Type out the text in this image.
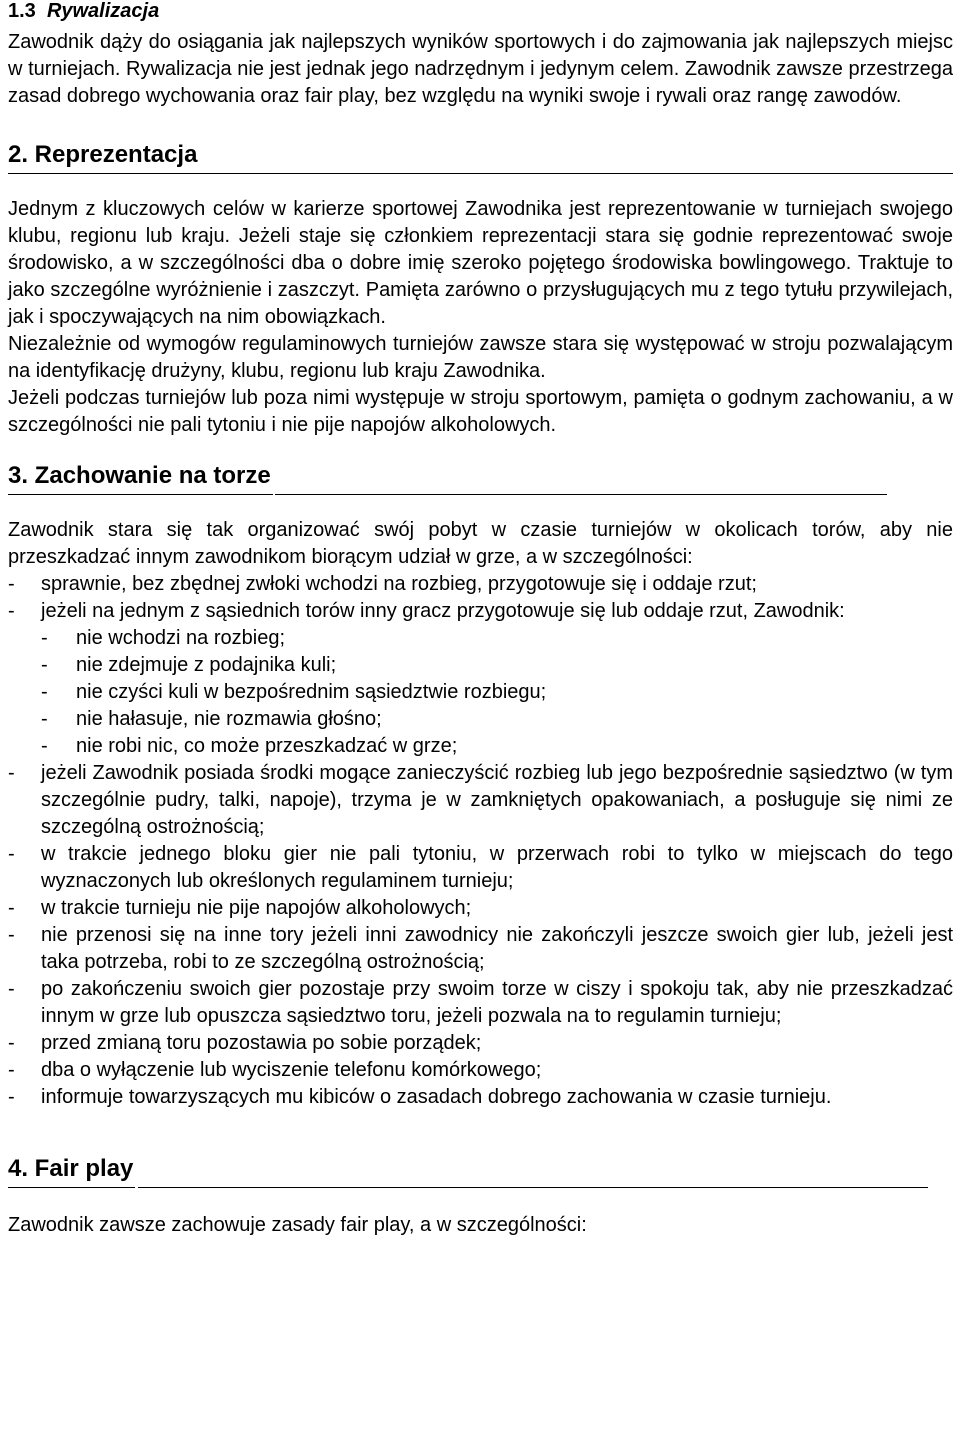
1.3 Rywalizacja

Zawodnik dąży do osiągania jak najlepszych wyników sportowych i do zajmowania jak najlepszych miejsc w turniejach. Rywalizacja nie jest jednak jego nadrzędnym i jedynym celem. Zawodnik zawsze przestrzega zasad dobrego wychowania oraz fair play, bez względu na wyniki swoje i rywali oraz rangę zawodów.

2. Reprezentacja

Jednym z kluczowych celów w karierze sportowej Zawodnika jest reprezentowanie w turniejach swojego klubu, regionu lub kraju. Jeżeli staje się członkiem reprezentacji stara się godnie reprezentować swoje środowisko, a w szczególności dba o dobre imię szeroko pojętego środowiska bowlingowego. Traktuje to jako szczególne wyróżnienie i zaszczyt. Pamięta zarówno o przysługujących mu z tego tytułu przywilejach, jak i spoczywających na nim obowiązkach.

Niezależnie od wymogów regulaminowych turniejów zawsze stara się występować w stroju pozwalającym na identyfikację drużyny, klubu, regionu lub kraju Zawodnika.

Jeżeli podczas turniejów lub poza nimi występuje w stroju sportowym, pamięta o godnym zachowaniu, a w szczególności nie pali tytoniu i nie pije napojów alkoholowych.

3. Zachowanie na torze

Zawodnik stara się tak organizować swój pobyt w czasie turniejów w okolicach torów, aby nie przeszkadzać innym zawodnikom biorącym udział w grze, a w szczególności:

- sprawnie, bez zbędnej zwłoki wchodzi na rozbieg, przygotowuje się i oddaje rzut;
- jeżeli na jednym z sąsiednich torów inny gracz przygotowuje się lub oddaje rzut, Zawodnik:
- nie wchodzi na rozbieg;
- nie zdejmuje z podajnika kuli;
- nie czyści kuli w bezpośrednim sąsiedztwie rozbiegu;
- nie hałasuje, nie rozmawia głośno;
- nie robi nic, co może przeszkadzać w grze;
- jeżeli Zawodnik posiada środki mogące zanieczyścić rozbieg lub jego bezpośrednie sąsiedztwo (w tym szczególnie pudry, talki, napoje), trzyma je w zamkniętych opakowaniach, a posługuje się nimi ze szczególną ostrożnością;
- w trakcie jednego bloku gier nie pali tytoniu, w przerwach robi to tylko w miejscach do tego wyznaczonych lub określonych regulaminem turnieju;
- w trakcie turnieju nie pije napojów alkoholowych;
- nie przenosi się na inne tory jeżeli inni zawodnicy nie zakończyli jeszcze swoich gier lub, jeżeli jest taka potrzeba, robi to ze szczególną ostrożnością;
- po zakończeniu swoich gier pozostaje przy swoim torze w ciszy i spokoju tak, aby nie przeszkadzać innym w grze lub opuszcza sąsiedztwo toru, jeżeli pozwala na to regulamin turnieju;
- przed zmianą toru pozostawia po sobie porządek;
- dba o wyłączenie lub wyciszenie telefonu komórkowego;
- informuje towarzyszących mu kibiców o zasadach dobrego zachowania w czasie turnieju.
4. Fair play

Zawodnik zawsze zachowuje zasady fair play, a w szczególności:
